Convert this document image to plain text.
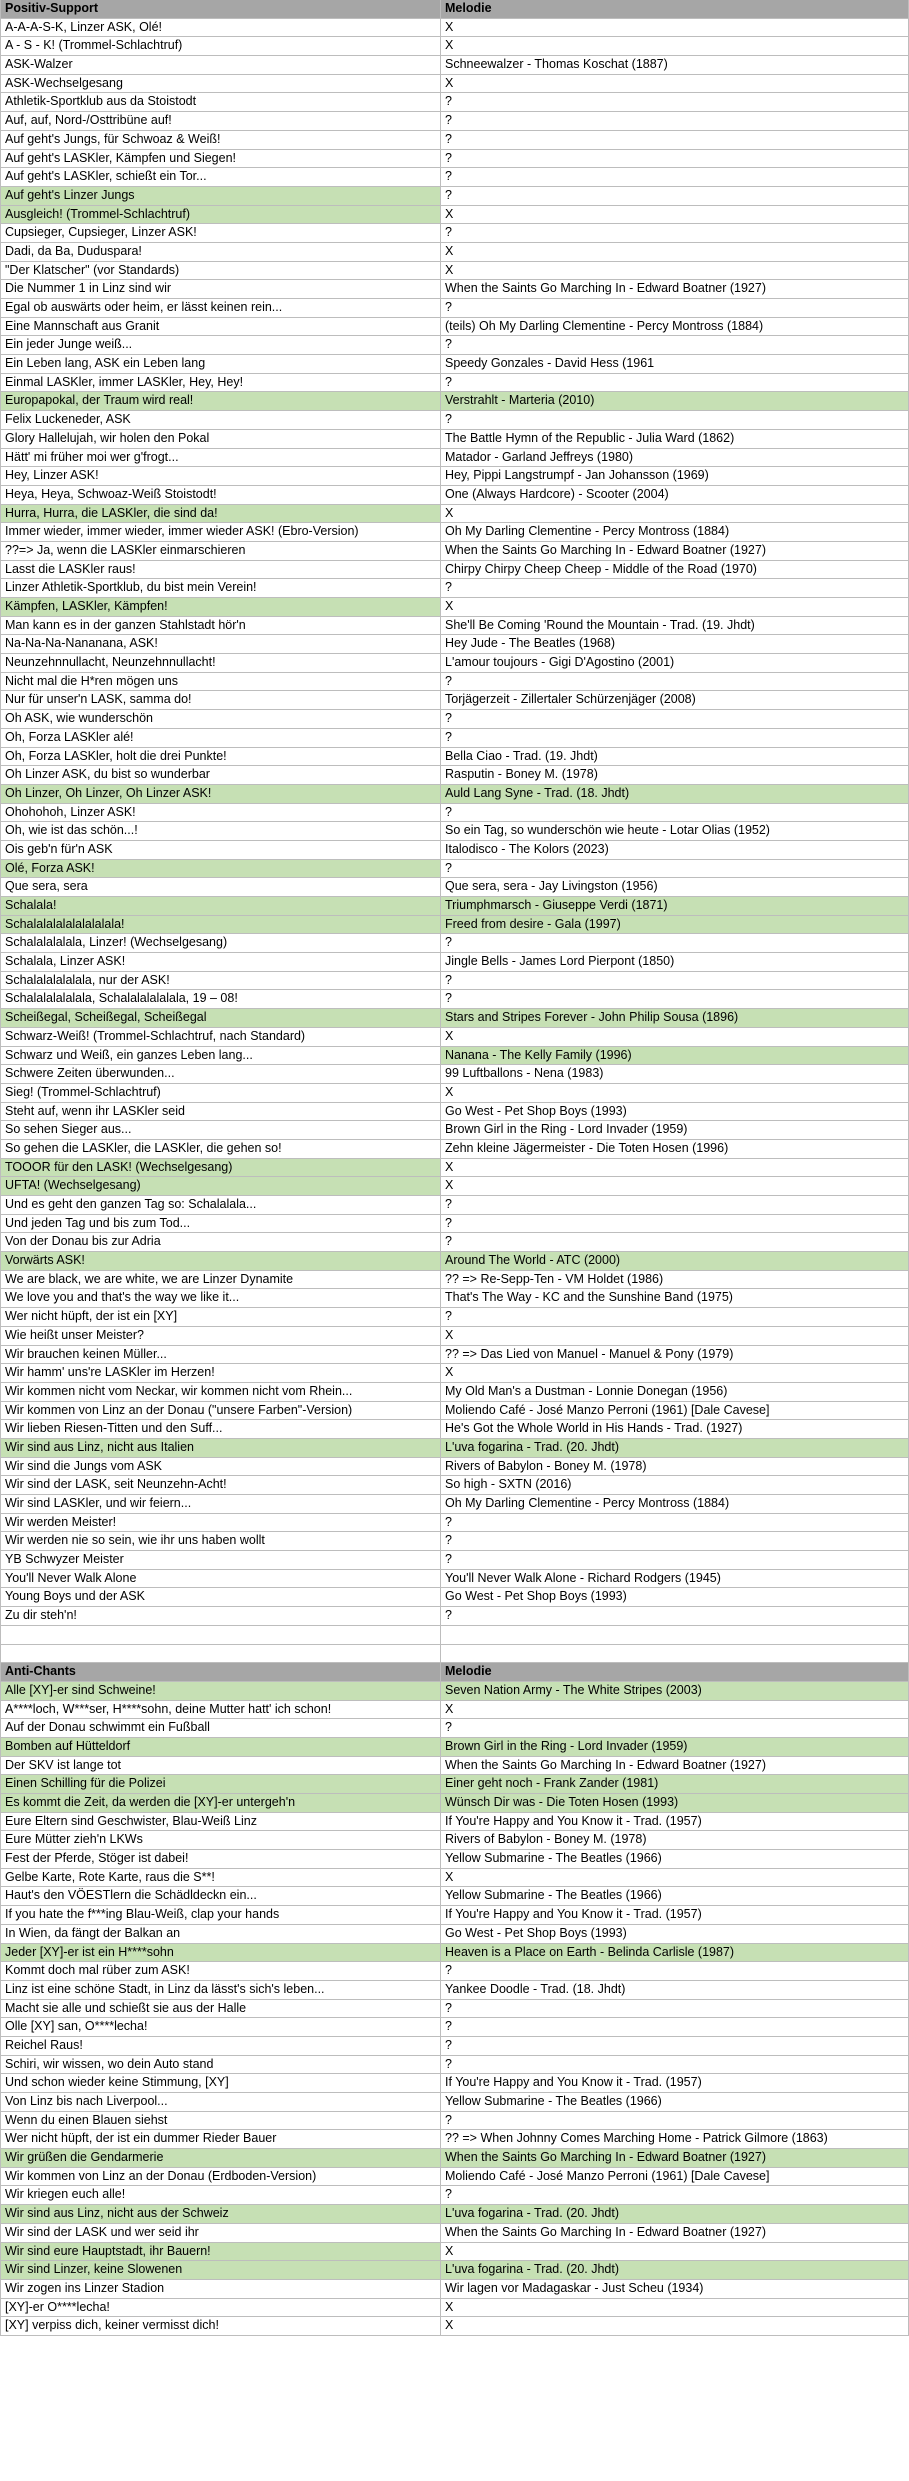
Positiv-Support	Melodie
A-A-A-S-K, Linzer ASK, Olé!	X
A - S - K! (Trommel-Schlachtruf)	X
ASK-Walzer	Schneewalzer - Thomas Koschat (1887)
ASK-Wechselgesang	X
Athletik-Sportklub aus da Stoistodt	?
Auf, auf, Nord-/Osttribüne auf!	?
Auf geht's Jungs, für Schwoaz & Weiß!	?
Auf geht's LASKler, Kämpfen und Siegen!	?
Auf geht's LASKler, schießt ein Tor...	?
Auf geht's Linzer Jungs	?
Ausgleich! (Trommel-Schlachtruf)	X
Cupsieger, Cupsieger, Linzer ASK!	?
Dadi, da Ba, Duduspara!	X
"Der Klatscher" (vor Standards)	X
Die Nummer 1 in Linz sind wir	When the Saints Go Marching In - Edward Boatner (1927)
Egal ob auswärts oder heim, er lässt keinen rein...	?
Eine Mannschaft aus Granit	(teils) Oh My Darling Clementine - Percy Montross (1884)
Ein jeder Junge weiß...	?
Ein Leben lang, ASK ein Leben lang	Speedy Gonzales - David Hess (1961
Einmal LASKler, immer LASKler, Hey, Hey!	?
Europapokal, der Traum wird real!	Verstrahlt - Marteria (2010)
Felix Luckeneder, ASK	?
Glory Hallelujah, wir holen den Pokal	The Battle Hymn of the Republic - Julia Ward (1862)
Hätt' mi früher moi wer g'frogt...	Matador - Garland Jeffreys (1980)
Hey, Linzer ASK!	Hey, Pippi Langstrumpf - Jan Johansson (1969)
Heya, Heya, Schwoaz-Weiß Stoistodt!	One (Always Hardcore) - Scooter (2004)
Hurra, Hurra, die LASKler, die sind da!	X
Immer wieder, immer wieder, immer wieder ASK! (Ebro-Version)	Oh My Darling Clementine - Percy Montross (1884)
??=> Ja, wenn die LASKler einmarschieren	When the Saints Go Marching In - Edward Boatner (1927)
Lasst die LASKler raus!	Chirpy Chirpy Cheep Cheep - Middle of the Road (1970)
Linzer Athletik-Sportklub, du bist mein Verein!	?
Kämpfen, LASKler, Kämpfen!	X
Man kann es in der ganzen Stahlstadt hör'n	She'll Be Coming 'Round the Mountain - Trad. (19. Jhdt)
Na-Na-Na-Nananana, ASK!	Hey Jude - The Beatles (1968)
Neunzehnnullacht, Neunzehnnullacht!	L'amour toujours - Gigi D'Agostino (2001)
Nicht mal die H*ren mögen uns	?
Nur für unser'n LASK, samma do!	Torjägerzeit - Zillertaler Schürzenjäger (2008)
Oh ASK, wie wunderschön	?
Oh, Forza LASKler alé!	?
Oh, Forza LASKler, holt die drei Punkte!	Bella Ciao - Trad. (19. Jhdt)
Oh Linzer ASK, du bist so wunderbar	Rasputin - Boney M. (1978)
Oh Linzer, Oh Linzer, Oh Linzer ASK!	Auld Lang Syne - Trad. (18. Jhdt)
Ohohohoh, Linzer ASK!	?
Oh, wie ist das schön...!	So ein Tag, so wunderschön wie heute - Lotar Olias (1952)
Ois geb'n für'n ASK	Italodisco - The Kolors (2023)
Olé, Forza ASK!	?
Que sera, sera	Que sera, sera - Jay Livingston (1956)
Schalala!	Triumphmarsch - Giuseppe Verdi (1871)
Schalalalalalalalalala!	Freed from desire - Gala (1997)
Schalalalalala, Linzer! (Wechselgesang)	?
Schalala, Linzer ASK!	Jingle Bells - James Lord Pierpont (1850)
Schalalalalalala, nur der ASK!	?
Schalalalalalala, Schalalalalalala, 19 – 08!	?
Scheißegal, Scheißegal, Scheißegal	Stars and Stripes Forever - John Philip Sousa (1896)
Schwarz-Weiß! (Trommel-Schlachtruf, nach Standard)	X
Schwarz und Weiß, ein ganzes Leben lang...	Nanana - The Kelly Family (1996)
Schwere Zeiten überwunden...	99 Luftballons - Nena (1983)
Sieg! (Trommel-Schlachtruf)	X
Steht auf, wenn ihr LASKler seid	Go West - Pet Shop Boys (1993)
So sehen Sieger aus...	Brown Girl in the Ring - Lord Invader (1959)
So gehen die LASKler, die LASKler, die gehen so!	Zehn kleine Jägermeister - Die Toten Hosen (1996)
TOOOR für den LASK! (Wechselgesang)	X
UFTA! (Wechselgesang)	X
Und es geht den ganzen Tag so: Schalalala...	?
Und jeden Tag und bis zum Tod...	?
Von der Donau bis zur Adria	?
Vorwärts ASK!	Around The World - ATC (2000)
We are black, we are white, we are Linzer Dynamite	?? => Re-Sepp-Ten - VM Holdet (1986)
We love you and that's the way we like it...	That's The Way - KC and the Sunshine Band (1975)
Wer nicht hüpft, der ist ein [XY]	?
Wie heißt unser Meister?	X
Wir brauchen keinen Müller...	?? => Das Lied von Manuel - Manuel & Pony (1979)
Wir hamm' uns're LASKler im Herzen!	X
Wir kommen nicht vom Neckar, wir kommen nicht vom Rhein...	My Old Man's a Dustman - Lonnie Donegan (1956)
Wir kommen von Linz an der Donau ("unsere Farben"-Version)	Moliendo Café - José Manzo Perroni (1961) [Dale Cavese]
Wir lieben Riesen-Titten und den Suff...	He's Got the Whole World in His Hands - Trad. (1927)
Wir sind aus Linz, nicht aus Italien	L'uva fogarina - Trad. (20. Jhdt)
Wir sind die Jungs vom ASK	Rivers of Babylon - Boney M. (1978)
Wir sind der LASK, seit Neunzehn-Acht!	So high - SXTN (2016)
Wir sind LASKler, und wir feiern...	Oh My Darling Clementine - Percy Montross (1884)
Wir werden Meister!	?
Wir werden nie so sein, wie ihr uns haben wollt	?
YB Schwyzer Meister	?
You'll Never Walk Alone	You'll Never Walk Alone - Richard Rodgers (1945)
Young Boys und der ASK	Go West - Pet Shop Boys (1993)
Zu dir steh'n!	?
Anti-Chants	Melodie
Alle [XY]-er sind Schweine!	Seven Nation Army - The White Stripes (2003)
A****loch, W***ser, H****sohn, deine Mutter hatt' ich schon!	X
Auf der Donau schwimmt ein Fußball	?
Bomben auf Hütteldorf	Brown Girl in the Ring - Lord Invader (1959)
Der SKV ist lange tot	When the Saints Go Marching In - Edward Boatner (1927)
Einen Schilling für die Polizei	Einer geht noch - Frank Zander (1981)
Es kommt die Zeit, da werden die [XY]-er untergeh'n	Wünsch Dir was - Die Toten Hosen (1993)
Eure Eltern sind Geschwister, Blau-Weiß Linz	If You're Happy and You Know it - Trad. (1957)
Eure Mütter zieh'n LKWs	Rivers of Babylon - Boney M. (1978)
Fest der Pferde, Stöger ist dabei!	Yellow Submarine - The Beatles (1966)
Gelbe Karte, Rote Karte, raus die S**!	X
Haut's den VÖESTlern die Schädldeckn ein...	Yellow Submarine - The Beatles (1966)
If you hate the f***ing Blau-Weiß, clap your hands	If You're Happy and You Know it - Trad. (1957)
In Wien, da fängt der Balkan an	Go West - Pet Shop Boys (1993)
Jeder [XY]-er ist ein H****sohn	Heaven is a Place on Earth - Belinda Carlisle (1987)
Kommt doch mal rüber zum ASK!	?
Linz ist eine schöne Stadt, in Linz da lässt's sich's leben...	Yankee Doodle - Trad. (18. Jhdt)
Macht sie alle und schießt sie aus der Halle	?
Olle [XY] san, O****lecha!	?
Reichel Raus!	?
Schiri, wir wissen, wo dein Auto stand	?
Und schon wieder keine Stimmung, [XY]	If You're Happy and You Know it - Trad. (1957)
Von Linz bis nach Liverpool...	Yellow Submarine - The Beatles (1966)
Wenn du einen Blauen siehst	?
Wer nicht hüpft, der ist ein dummer Rieder Bauer	?? => When Johnny Comes Marching Home - Patrick Gilmore (1863)
Wir grüßen die Gendarmerie	When the Saints Go Marching In - Edward Boatner (1927)
Wir kommen von Linz an der Donau (Erdboden-Version)	Moliendo Café - José Manzo Perroni (1961) [Dale Cavese]
Wir kriegen euch alle!	?
Wir sind aus Linz, nicht aus der Schweiz	L'uva fogarina - Trad. (20. Jhdt)
Wir sind der LASK und wer seid ihr	When the Saints Go Marching In - Edward Boatner (1927)
Wir sind eure Hauptstadt, ihr Bauern!	X
Wir sind Linzer, keine Slowenen	L'uva fogarina - Trad. (20. Jhdt)
Wir zogen ins Linzer Stadion	Wir lagen vor Madagaskar - Just Scheu (1934)
[XY]-er O****lecha!	X
[XY] verpiss dich, keiner vermisst dich!	X
